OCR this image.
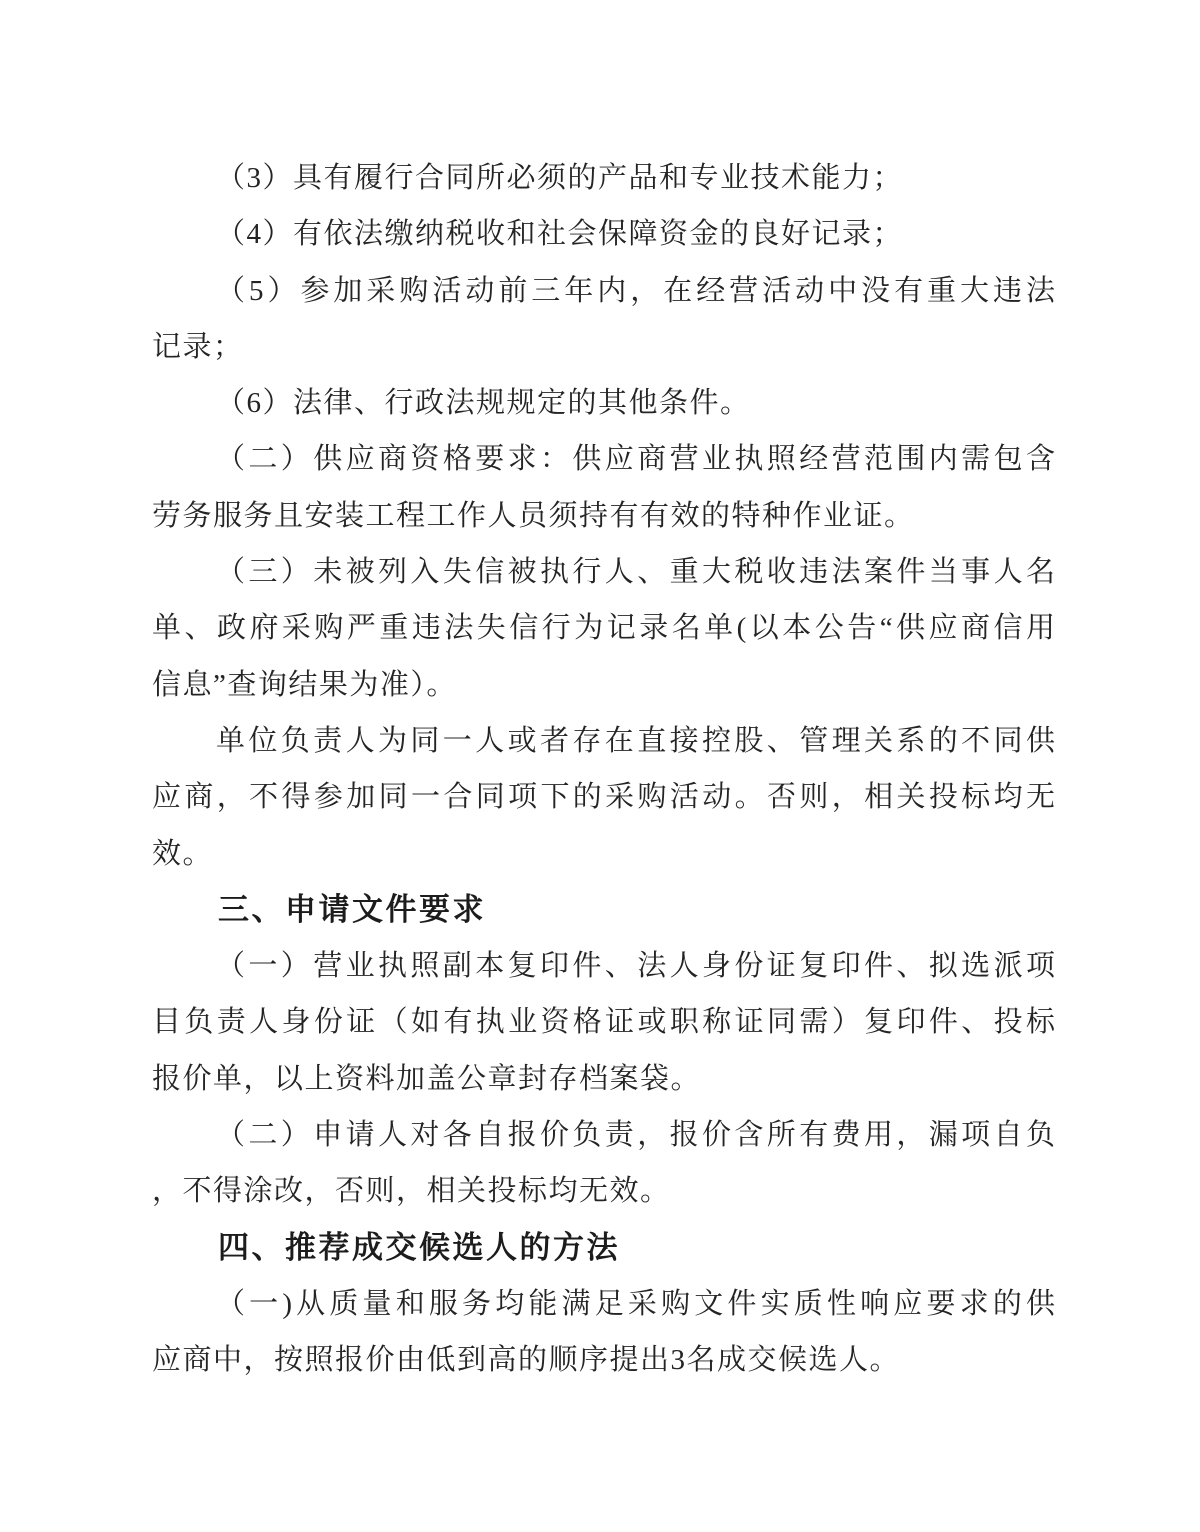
（3）具有履行合同所必须的产品和专业技术能力；
（4）有依法缴纳税收和社会保障资金的良好记录；
（5）参加采购活动前三年内，在经营活动中没有重大违法
记录；
（6）法律、行政法规规定的其他条件。
（二）供应商资格要求：供应商营业执照经营范围内需包含
劳务服务且安装工程工作人员须持有有效的特种作业证。
（三）未被列入失信被执行人、重大税收违法案件当事人名
单、政府采购严重违法失信行为记录名单(以本公告“供应商信用
信息”查询结果为准）。
单位负责人为同一人或者存在直接控股、管理关系的不同供
应商，不得参加同一合同项下的采购活动。否则，相关投标均无
效。
三、申请文件要求
（一）营业执照副本复印件、法人身份证复印件、拟选派项
目负责人身份证（如有执业资格证或职称证同需）复印件、投标
报价单，以上资料加盖公章封存档案袋。
（二）申请人对各自报价负责，报价含所有费用，漏项自负
，不得涂改，否则，相关投标均无效。
四、推荐成交候选人的方法
（一)从质量和服务均能满足采购文件实质性响应要求的供
应商中，按照报价由低到高的顺序提出3名成交候选人。
